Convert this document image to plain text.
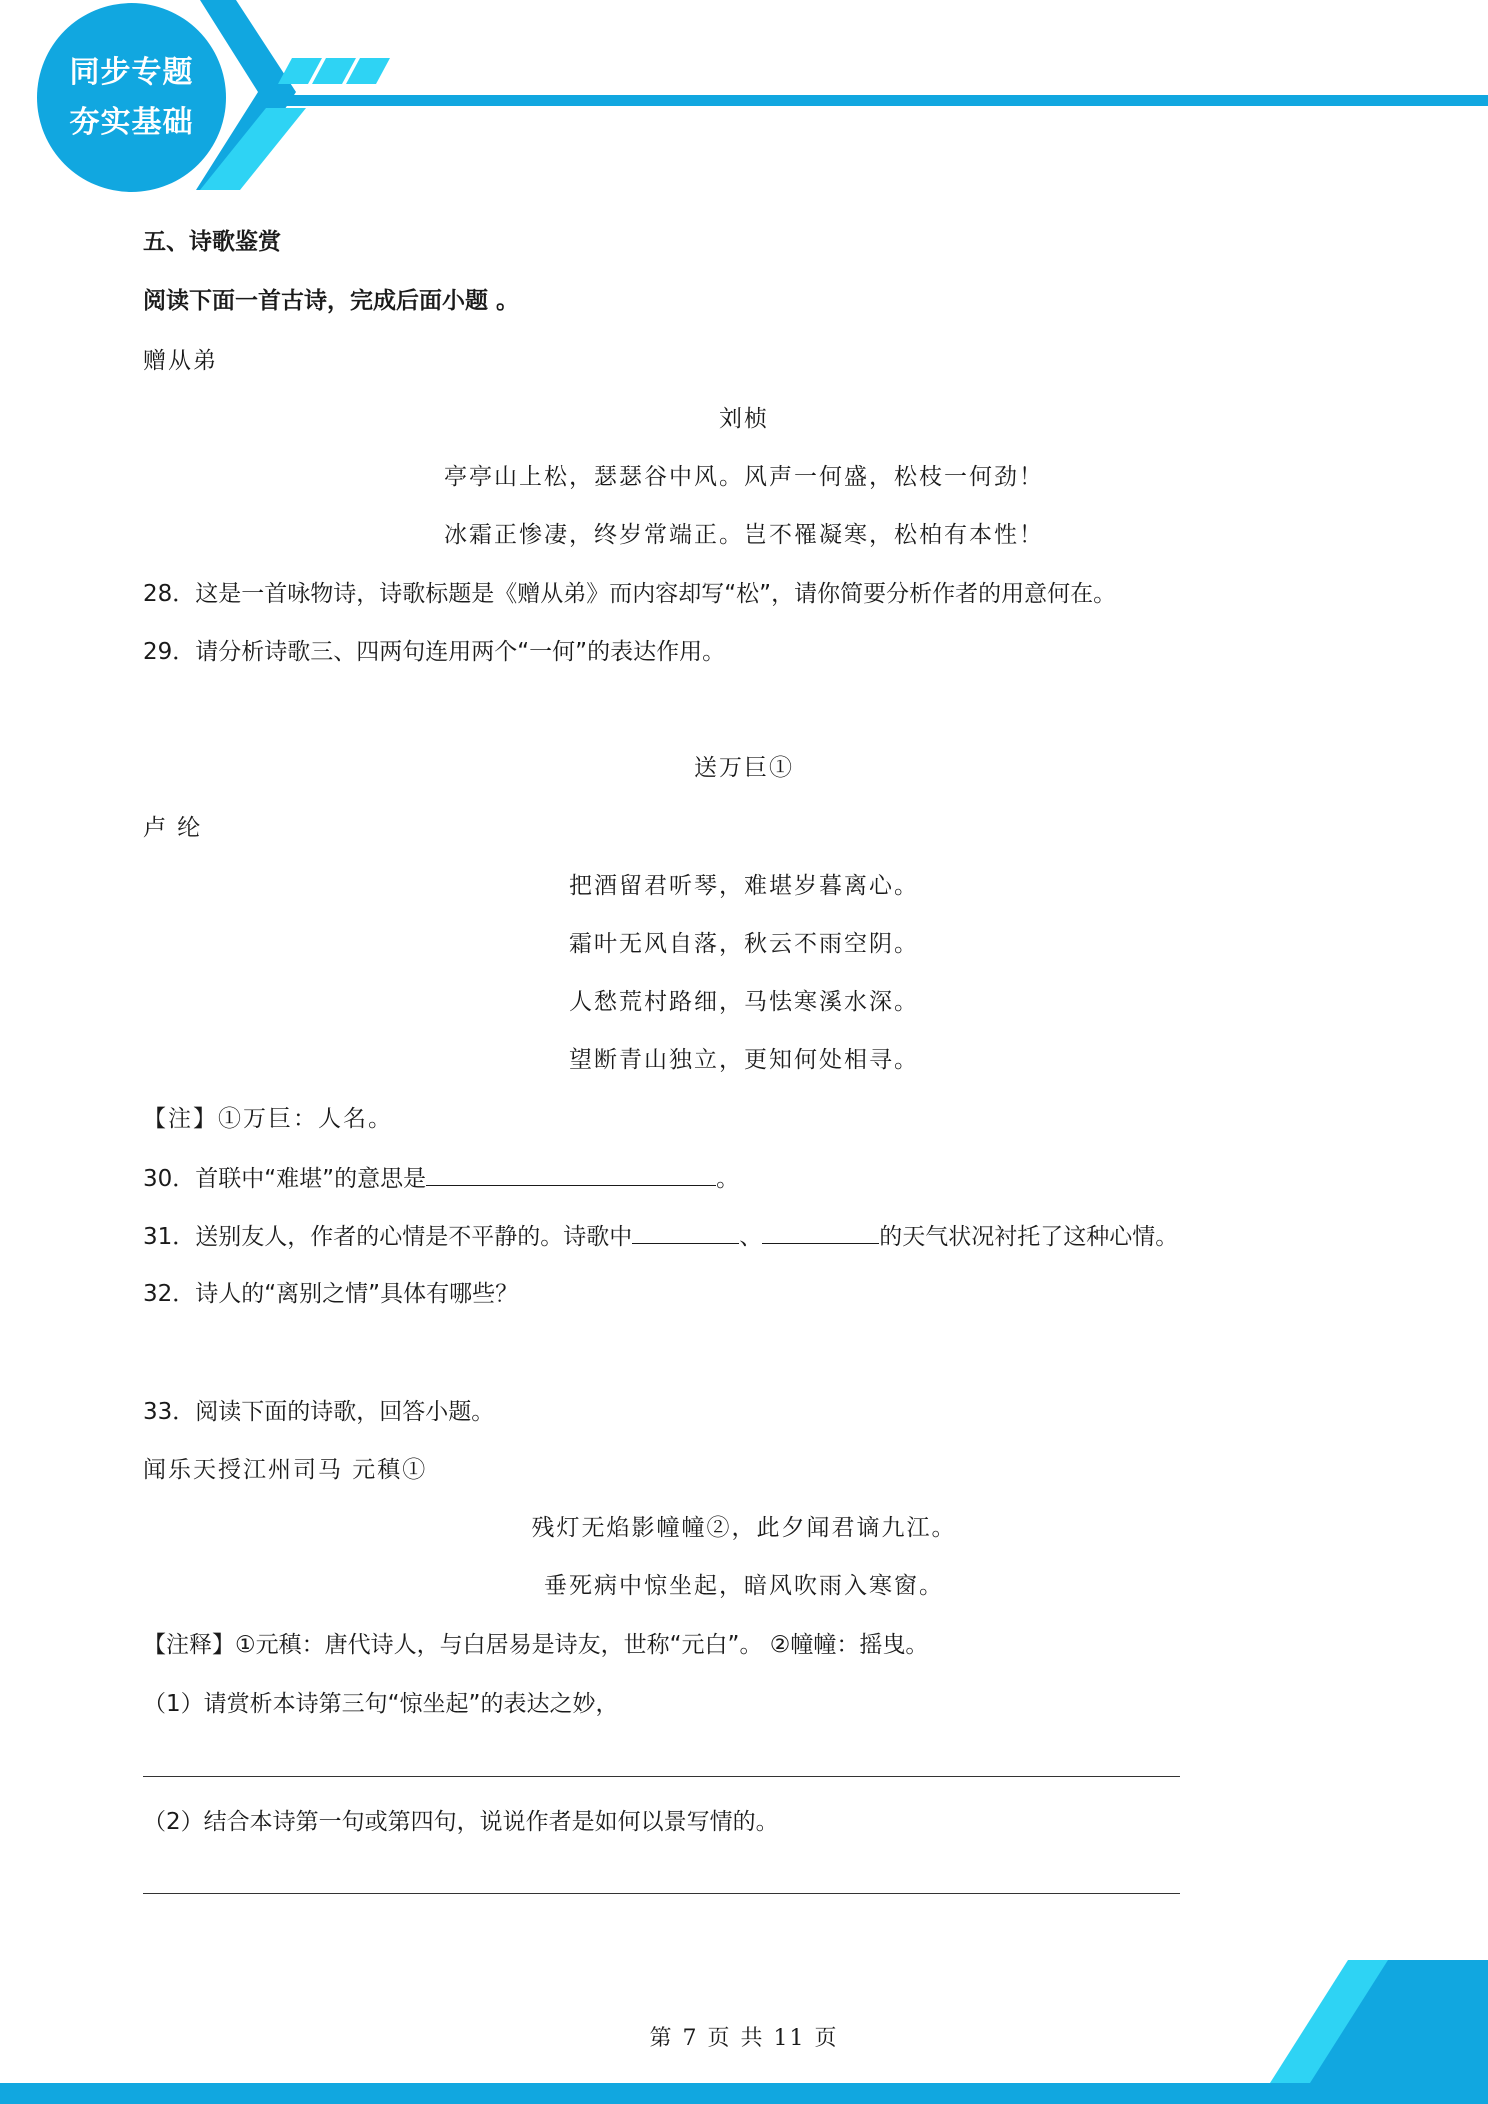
同步专题
夯实基础
五、诗歌鉴赏
阅读下面一首古诗，完成后面小题 。
赠从弟
刘桢
亭亭山上松，瑟瑟谷中风。风声一何盛，松枝一何劲！
冰霜正惨凄，终岁常端正。岂不罹凝寒，松柏有本性！
28．这是一首咏物诗，诗歌标题是《赠从弟》而内容却写“松”，请你简要分析作者的用意何在。
29．请分析诗歌三、四两句连用两个“一何”的表达作用。
送万巨①
卢 纶
把酒留君听琴，难堪岁暮离心。
霜叶无风自落，秋云不雨空阴。
人愁荒村路细，马怯寒溪水深。
望断青山独立，更知何处相寻。
【注】①万巨：人名。
30．首联中“难堪”的意思是	。
31．送别友人，作者的心情是不平静的。诗歌中	、	的天气状况衬托了这种心情。
32．诗人的“离别之情”具体有哪些？
33．阅读下面的诗歌，回答小题。
闻乐天授江州司马 元稹①
残灯无焰影幢幢②，此夕闻君谪九江。
垂死病中惊坐起，暗风吹雨入寒窗。
【注释】①元稹：唐代诗人，与白居易是诗友，世称“元白”。 ②幢幢：摇曳。
（1）请赏析本诗第三句“惊坐起”的表达之妙，
（2）结合本诗第一句或第四句，说说作者是如何以景写情的。
第 7 页 共 11 页
